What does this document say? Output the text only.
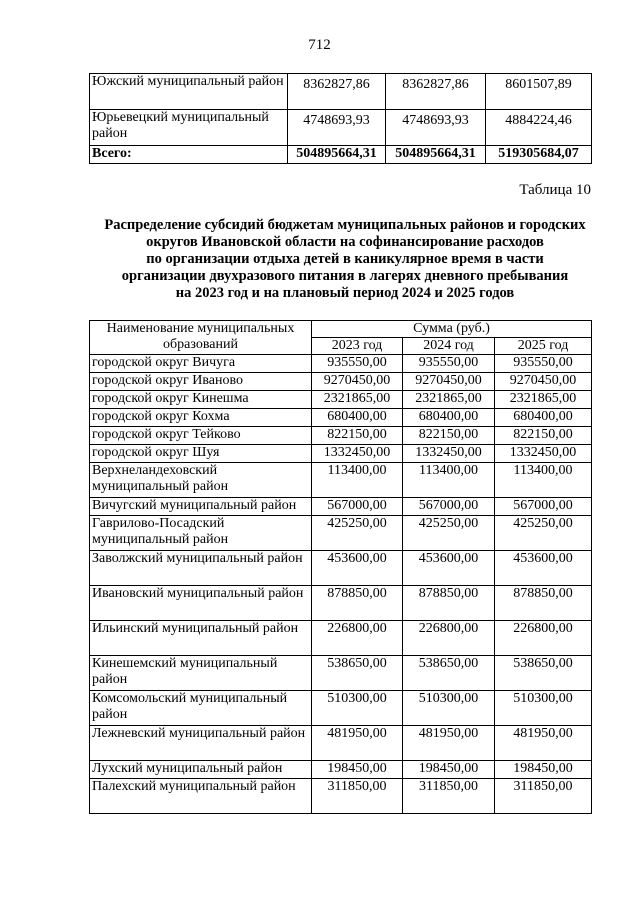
712
Южский муниципальный район	8362827,86	8362827,86	8601507,89
Юрьевецкий муниципальный район	4748693,93	4748693,93	4884224,46
Всего:	504895664,31	504895664,31	519305684,07
Таблица 10
Распределение субсидий бюджетам муниципальных районов и городских
округов Ивановской области на софинансирование расходов
по организации отдыха детей в каникулярное время в части
организации двухразового питания в лагерях дневного пребывания
на 2023 год и на плановый период 2024 и 2025 годов
Наименование муниципальных образований	Сумма (руб.)		
	2023 год	2024 год	2025 год
городской округ Вичуга	935550,00	935550,00	935550,00
городской округ Иваново	9270450,00	9270450,00	9270450,00
городской округ Кинешма	2321865,00	2321865,00	2321865,00
городской округ Кохма	680400,00	680400,00	680400,00
городской округ Тейково	822150,00	822150,00	822150,00
городской округ Шуя	1332450,00	1332450,00	1332450,00
Верхнеландеховский муниципальный район	113400,00	113400,00	113400,00
Вичугский муниципальный район	567000,00	567000,00	567000,00
Гаврилово-Посадский муниципальный район	425250,00	425250,00	425250,00
Заволжский муниципальный район	453600,00	453600,00	453600,00
Ивановский муниципальный район	878850,00	878850,00	878850,00
Ильинский муниципальный район	226800,00	226800,00	226800,00
Кинешемский муниципальный район	538650,00	538650,00	538650,00
Комсомольский муниципальный район	510300,00	510300,00	510300,00
Лежневский муниципальный район	481950,00	481950,00	481950,00
Лухский муниципальный район	198450,00	198450,00	198450,00
Палехский муниципальный район	311850,00	311850,00	311850,00
